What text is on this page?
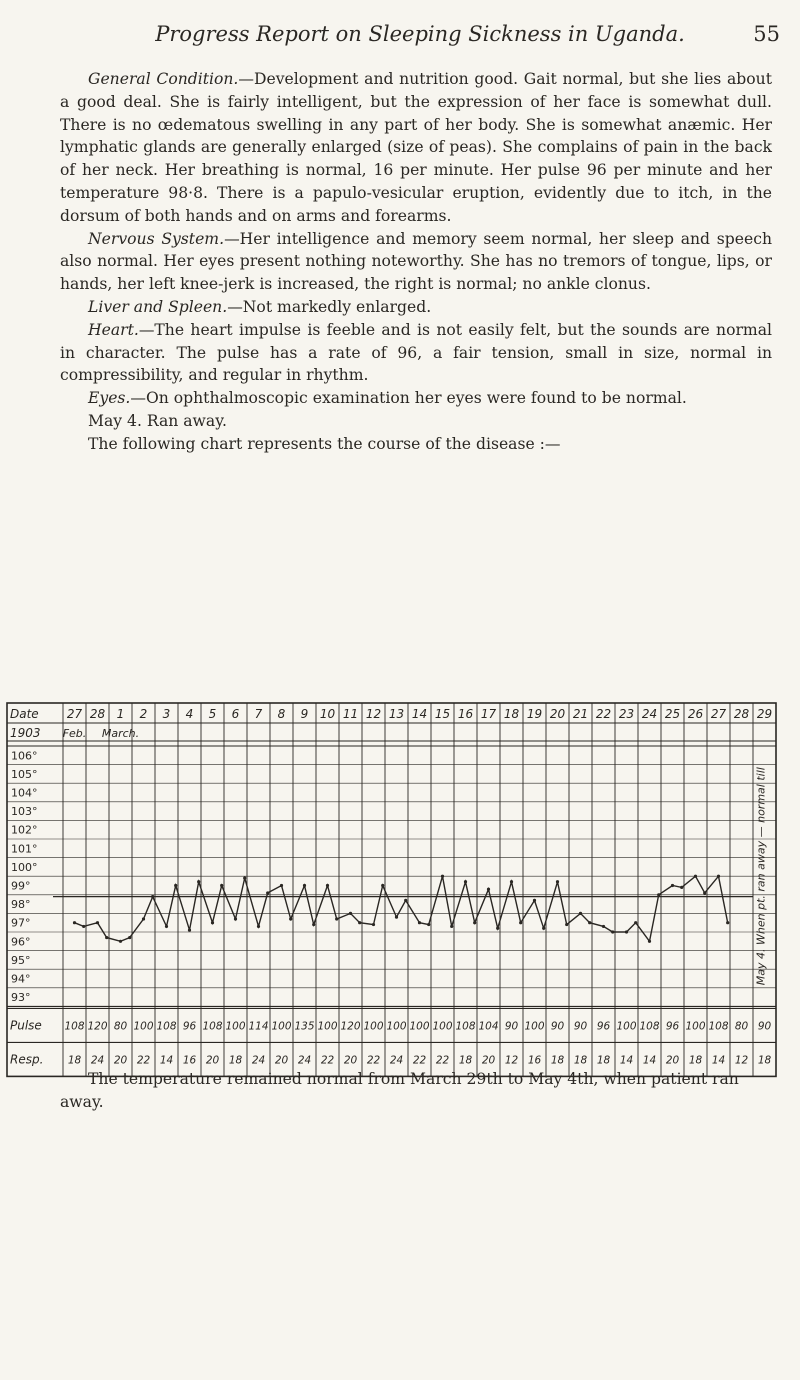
Progress Report on Sleeping Sickness in Uganda.	55

General Condition.—Development and nutrition good. Gait normal, but she lies about a good deal. She is fairly intelligent, but the expression of her face is somewhat dull. There is no œdematous swelling in any part of her body. She is somewhat anæmic. Her lymphatic glands are generally enlarged (size of peas). She complains of pain in the back of her neck. Her breathing is normal, 16 per minute. Her pulse 96 per minute and her temperature 98·8. There is a papulo-vesicular eruption, evidently due to itch, in the dorsum of both hands and on arms and forearms.

Nervous System.—Her intelligence and memory seem normal, her sleep and speech also normal. Her eyes present nothing noteworthy. She has no tremors of tongue, lips, or hands, her left knee-jerk is increased, the right is normal; no ankle clonus.

Liver and Spleen.—Not markedly enlarged.

Heart.—The heart impulse is feeble and is not easily felt, but the sounds are normal in character. The pulse has a rate of 96, a fair tension, small in size, normal in compressibility, and regular in rhythm.

Eyes.—On ophthalmoscopic examination her eyes were found to be normal.

May 4. Ran away.

The following chart represents the course of the disease :—

Date
1903
Pulse
Resp.
27 28 1 2 3 4 5 6 7 8 9 10 11 12 13 14 15 16 17 18 19 20 21 22 23 24 25 26 27 28 29
Feb. March.
106°
105°
104°
103°
102°
101°
100°
99°
98°
97°
96°
95°
94°
93°
108 120 80 100 108 96 108 100 114 100 135 100 120 100 100 100 100 108 104 90 100 90 90 96 100 108 96 100 108 80 90
18 24 20 22 14 16 20 18 24 20 24 22 20 22 24 22 22 18 20 12 16 18 18 18 14 14 20 18 14 12 18
May 4. When pt. ran away — normal till

The temperature remained normal from March 29th to May 4th, when patient ran away.
